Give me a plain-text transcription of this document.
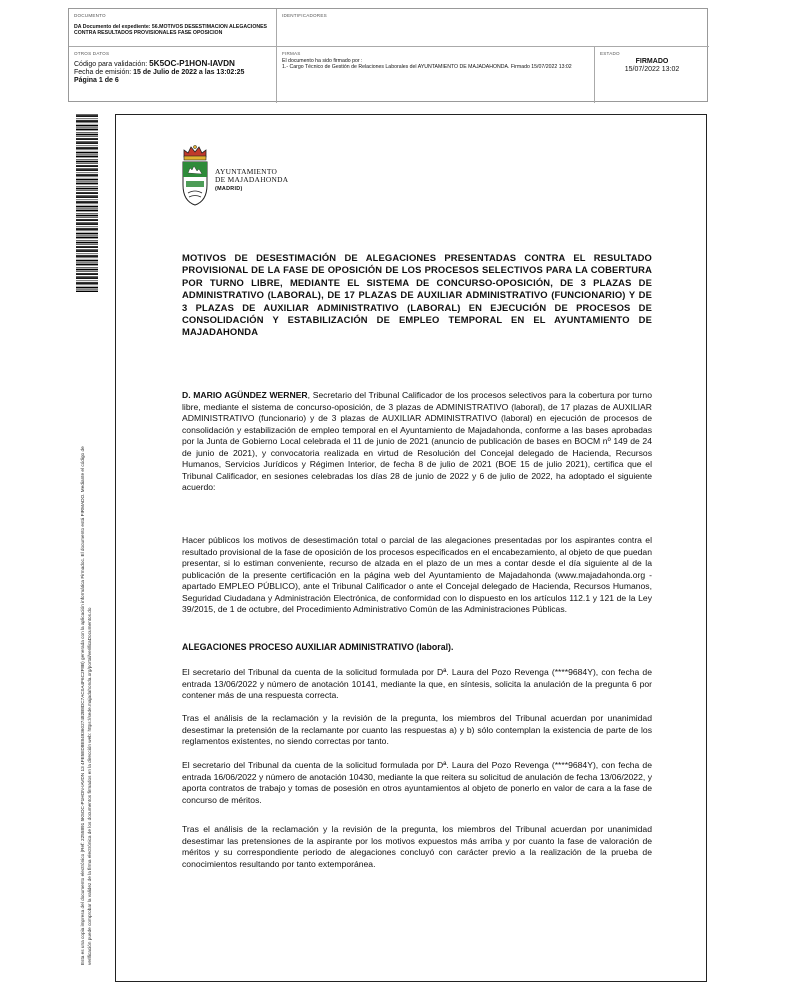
DOCUMENTO
DA Documento del expediente: 56.MOTIVOS DESESTIMACION ALEGACIONES CONTRA RESULTADOS PROVISIONALES FASE OPOSICION
IDENTIFICADORES
OTROS DATOS
Código para validación: 5K5OC-P1HON-IAVDN
Fecha de emisión: 15 de Julio de 2022 a las 13:02:25
Página 1 de 6
FIRMAS
El documento ha sido firmado por :
1.- Cargo Técnico de Gestión de Relaciones Laborales del AYUNTAMIENTO DE MAJADAHONDA. Firmado 15/07/2022 13:02
ESTADO
FIRMADO
15/07/2022 13:02
Esta es una copia impresa del documento electrónico (Ref: 2255891 5K5OC-P1HON-IAVDN 13 4FE5ED8E84936027482B8DC7AC0A4F6C2F8B) generada con la aplicación informática Firmadoc. El documento está FIRMADO. Mediante el código de verificación puede comprobar la validez de la firma electrónica de los documentos firmados en la dirección web: https://sede.majadahonda.org/portal/verificaDocumentos.do
AYUNTAMIENTO
DE MAJADAHONDA
(MADRID)
MOTIVOS DE DESESTIMACIÓN DE ALEGACIONES PRESENTADAS CONTRA EL RESULTADO PROVISIONAL DE LA FASE DE OPOSICIÓN DE LOS PROCESOS SELECTIVOS PARA LA COBERTURA POR TURNO LIBRE, MEDIANTE EL SISTEMA DE CONCURSO-OPOSICIÓN, DE 3 PLAZAS DE ADMINISTRATIVO (LABORAL), DE 17 PLAZAS DE AUXILIAR ADMINISTRATIVO (FUNCIONARIO) Y DE 3 PLAZAS DE AUXILIAR ADMINISTRATIVO (LABORAL) EN EJECUCIÓN DE PROCESOS DE CONSOLIDACIÓN Y ESTABILIZACIÓN DE EMPLEO TEMPORAL EN EL AYUNTAMIENTO DE MAJADAHONDA
D. MARIO AGÜNDEZ WERNER, Secretario del Tribunal Calificador de los procesos selectivos para la cobertura por turno libre, mediante el sistema de concurso-oposición, de 3 plazas de ADMINISTRATIVO (laboral), de 17 plazas de AUXILIAR ADMINISTRATIVO (funcionario) y de 3 plazas de AUXILIAR ADMINISTRATIVO (laboral) en ejecución de procesos de consolidación y estabilización de empleo temporal en el Ayuntamiento de Majadahonda, conforme a las bases aprobadas por la Junta de Gobierno Local celebrada el 11 de junio de 2021 (anuncio de publicación de bases en BOCM nº 149 de 24 de junio de 2021), y convocatoria realizada en virtud de Resolución del Concejal delegado de Hacienda, Recursos Humanos, Servicios Jurídicos y Régimen Interior, de fecha 8 de julio de 2021 (BOE 15 de julio 2021), certifica que el Tribunal Calificador, en sesiones celebradas los días 28 de junio de 2022 y 6 de julio de 2022, ha adoptado el siguiente acuerdo:
Hacer públicos los motivos de desestimación total o parcial de las alegaciones presentadas por los aspirantes contra el resultado provisional de la fase de oposición de los procesos especificados en el encabezamiento, al objeto de que puedan presentar, si lo estiman conveniente, recurso de alzada en el plazo de un mes a contar desde el día siguiente al de la publicación de la presente certificación en la página web del Ayuntamiento de Majadahonda (www.majadahonda.org - apartado EMPLEO PÚBLICO), ante el Tribunal Calificador o ante el Concejal delegado de Hacienda, Recursos Humanos, Seguridad Ciudadana y Administración Electrónica, de conformidad con lo dispuesto en los artículos 112.1 y 121 de la Ley 39/2015, de 1 de octubre, del Procedimiento Administrativo Común de las Administraciones Públicas.
ALEGACIONES PROCESO AUXILIAR ADMINISTRATIVO (laboral).
El secretario del Tribunal da cuenta de la solicitud formulada por Dª. Laura del Pozo Revenga (****9684Y), con fecha de entrada 13/06/2022 y número de anotación 10141, mediante la que, en síntesis, solicita la anulación de la pregunta 6 por contener más de una respuesta correcta.
Tras el análisis de la reclamación y la revisión de la pregunta, los miembros del Tribunal acuerdan por unanimidad desestimar la pretensión de la reclamante por cuanto las respuestas a) y b) sólo contemplan la existencia de parte de los reglamentos existentes, no siendo correctas por tanto.
El secretario del Tribunal da cuenta de la solicitud formulada por Dª. Laura del Pozo Revenga (****9684Y), con fecha de entrada 16/06/2022 y número de anotación 10430, mediante la que reitera su solicitud de anulación de fecha 13/06/2022, y aporta contratos de trabajo y tomas de posesión en otros ayuntamientos al objeto de ponerlo en valor de cara a la fase de concurso de méritos.
Tras el análisis de la reclamación y la revisión de la pregunta, los miembros del Tribunal acuerdan por unanimidad desestimar las pretensiones de la aspirante por los motivos expuestos más arriba y por cuanto la fase de valoración de méritos y su correspondiente periodo de alegaciones concluyó con carácter previo a la realización de la prueba de conocimientos resultando por tanto extemporánea.
